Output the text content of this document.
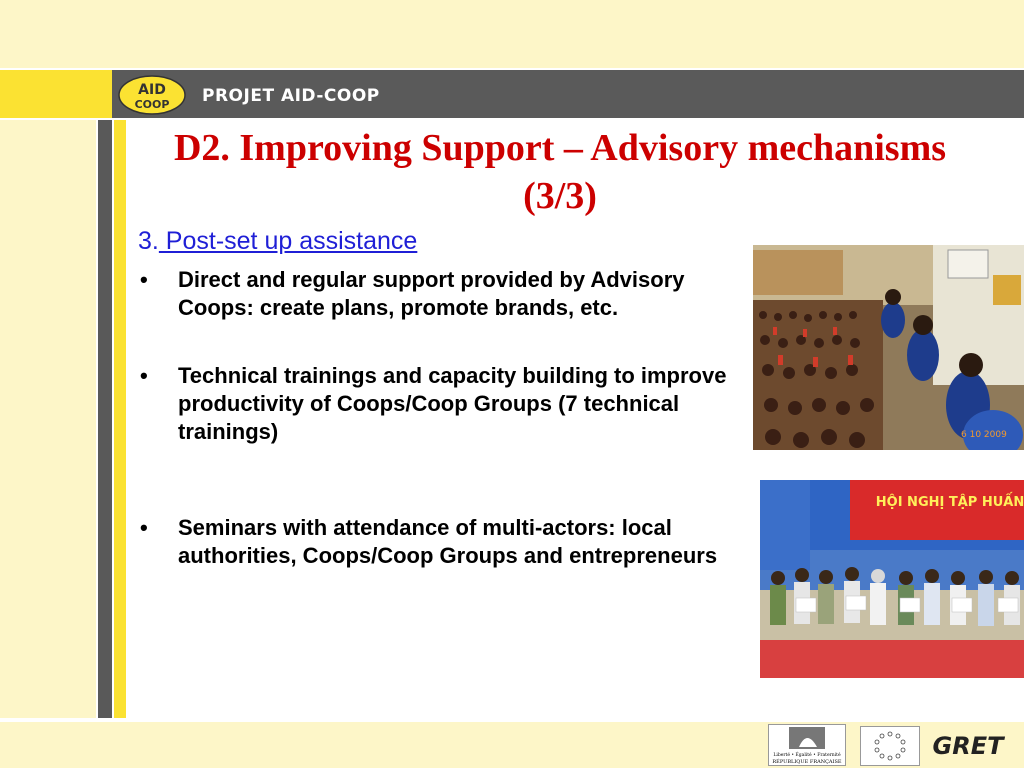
AID
COOP PROJET AID-COOP
D2. Improving Support – Advisory mechanisms
(3/3)
3. Post-set up assistance
• Direct and regular support provided by Advisory Coops: create plans, promote brands, etc.
• Technical trainings and capacity building to improve productivity of Coops/Coop Groups (7 technical trainings)
• Seminars with attendance of multi-actors: local authorities, Coops/Coop Groups and entrepreneurs
6 10 2009
HỘI NGHỊ TẬP HUẤN
Liberté • Égalité • Fraternité
RÉPUBLIQUE FRANÇAISE
GRET
